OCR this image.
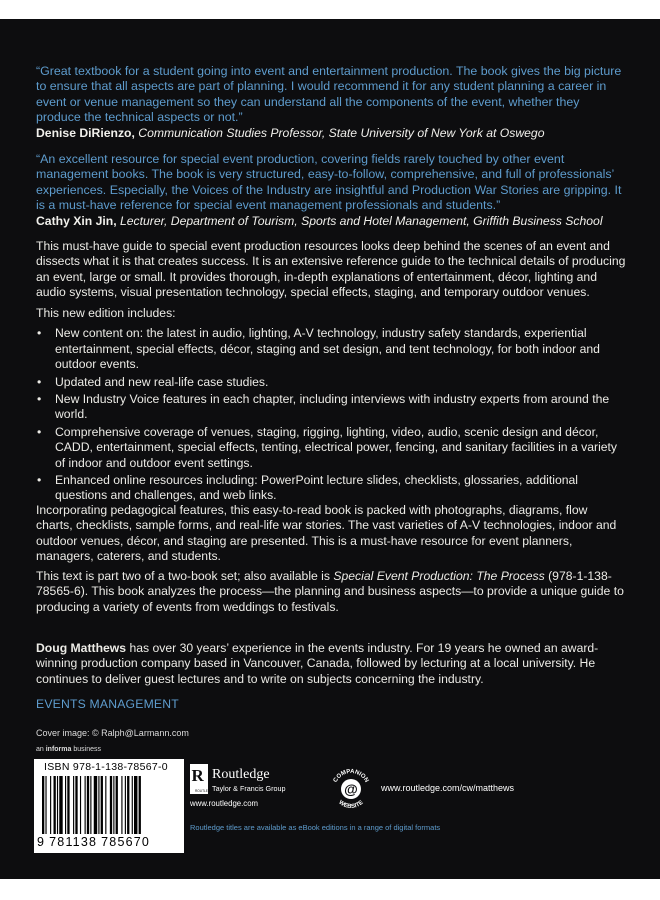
“Great textbook for a student going into event and entertainment production. The book gives the big picture to ensure that all aspects are part of planning. I would recommend it for any student planning a career in event or venue management so they can understand all the components of the event, whether they produce the technical aspects or not.”

Denise DiRienzo, Communication Studies Professor, State University of New York at Oswego

“An excellent resource for special event production, covering fields rarely touched by other event management books. The book is very structured, easy-to-follow, comprehensive, and full of professionals’ experiences. Especially, the Voices of the Industry are insightful and Production War Stories are gripping. It is a must-have reference for special event management professionals and students.”

Cathy Xin Jin, Lecturer, Department of Tourism, Sports and Hotel Management, Griffith Business School

This must-have guide to special event production resources looks deep behind the scenes of an event and dissects what it is that creates success. It is an extensive reference guide to the technical details of producing an event, large or small. It provides thorough, in-depth explanations of entertainment, décor, lighting and audio systems, visual presentation technology, special effects, staging, and temporary outdoor venues.

This new edition includes:

• New content on: the latest in audio, lighting, A-V technology, industry safety standards, experiential entertainment, special effects, décor, staging and set design, and tent technology, for both indoor and outdoor events.
• Updated and new real-life case studies.
• New Industry Voice features in each chapter, including interviews with industry experts from around the world.
• Comprehensive coverage of venues, staging, rigging, lighting, video, audio, scenic design and décor, CADD, entertainment, special effects, tenting, electrical power, fencing, and sanitary facilities in a variety of indoor and outdoor event settings.
• Enhanced online resources including: PowerPoint lecture slides, checklists, glossaries, additional questions and challenges, and web links.

Incorporating pedagogical features, this easy-to-read book is packed with photographs, diagrams, flow charts, checklists, sample forms, and real-life war stories. The vast varieties of A-V technologies, indoor and outdoor venues, décor, and staging are presented. This is a must-have resource for event planners, managers, caterers, and students.

This text is part two of a two-book set; also available is Special Event Production: The Process (978-1-138-78565-6). This book analyzes the process—the planning and business aspects—to provide a unique guide to producing a variety of events from weddings to festivals.

Doug Matthews has over 30 years’ experience in the events industry. For 19 years he owned an award-winning production company based in Vancouver, Canada, followed by lecturing at a local university. He continues to deliver guest lectures and to write on subjects concerning the industry.

EVENTS MANAGEMENT
Cover image: © Ralph@Larmann.com
an informa business
ISBN 978-1-138-78567-0
9 781138 785670
R
ROUTLEDGE
Routledge
Taylor & Francis Group
www.routledge.com
@
COMPANION
WEBSITE
www.routledge.com/cw/matthews
Routledge titles are available as eBook editions in a range of digital formats
